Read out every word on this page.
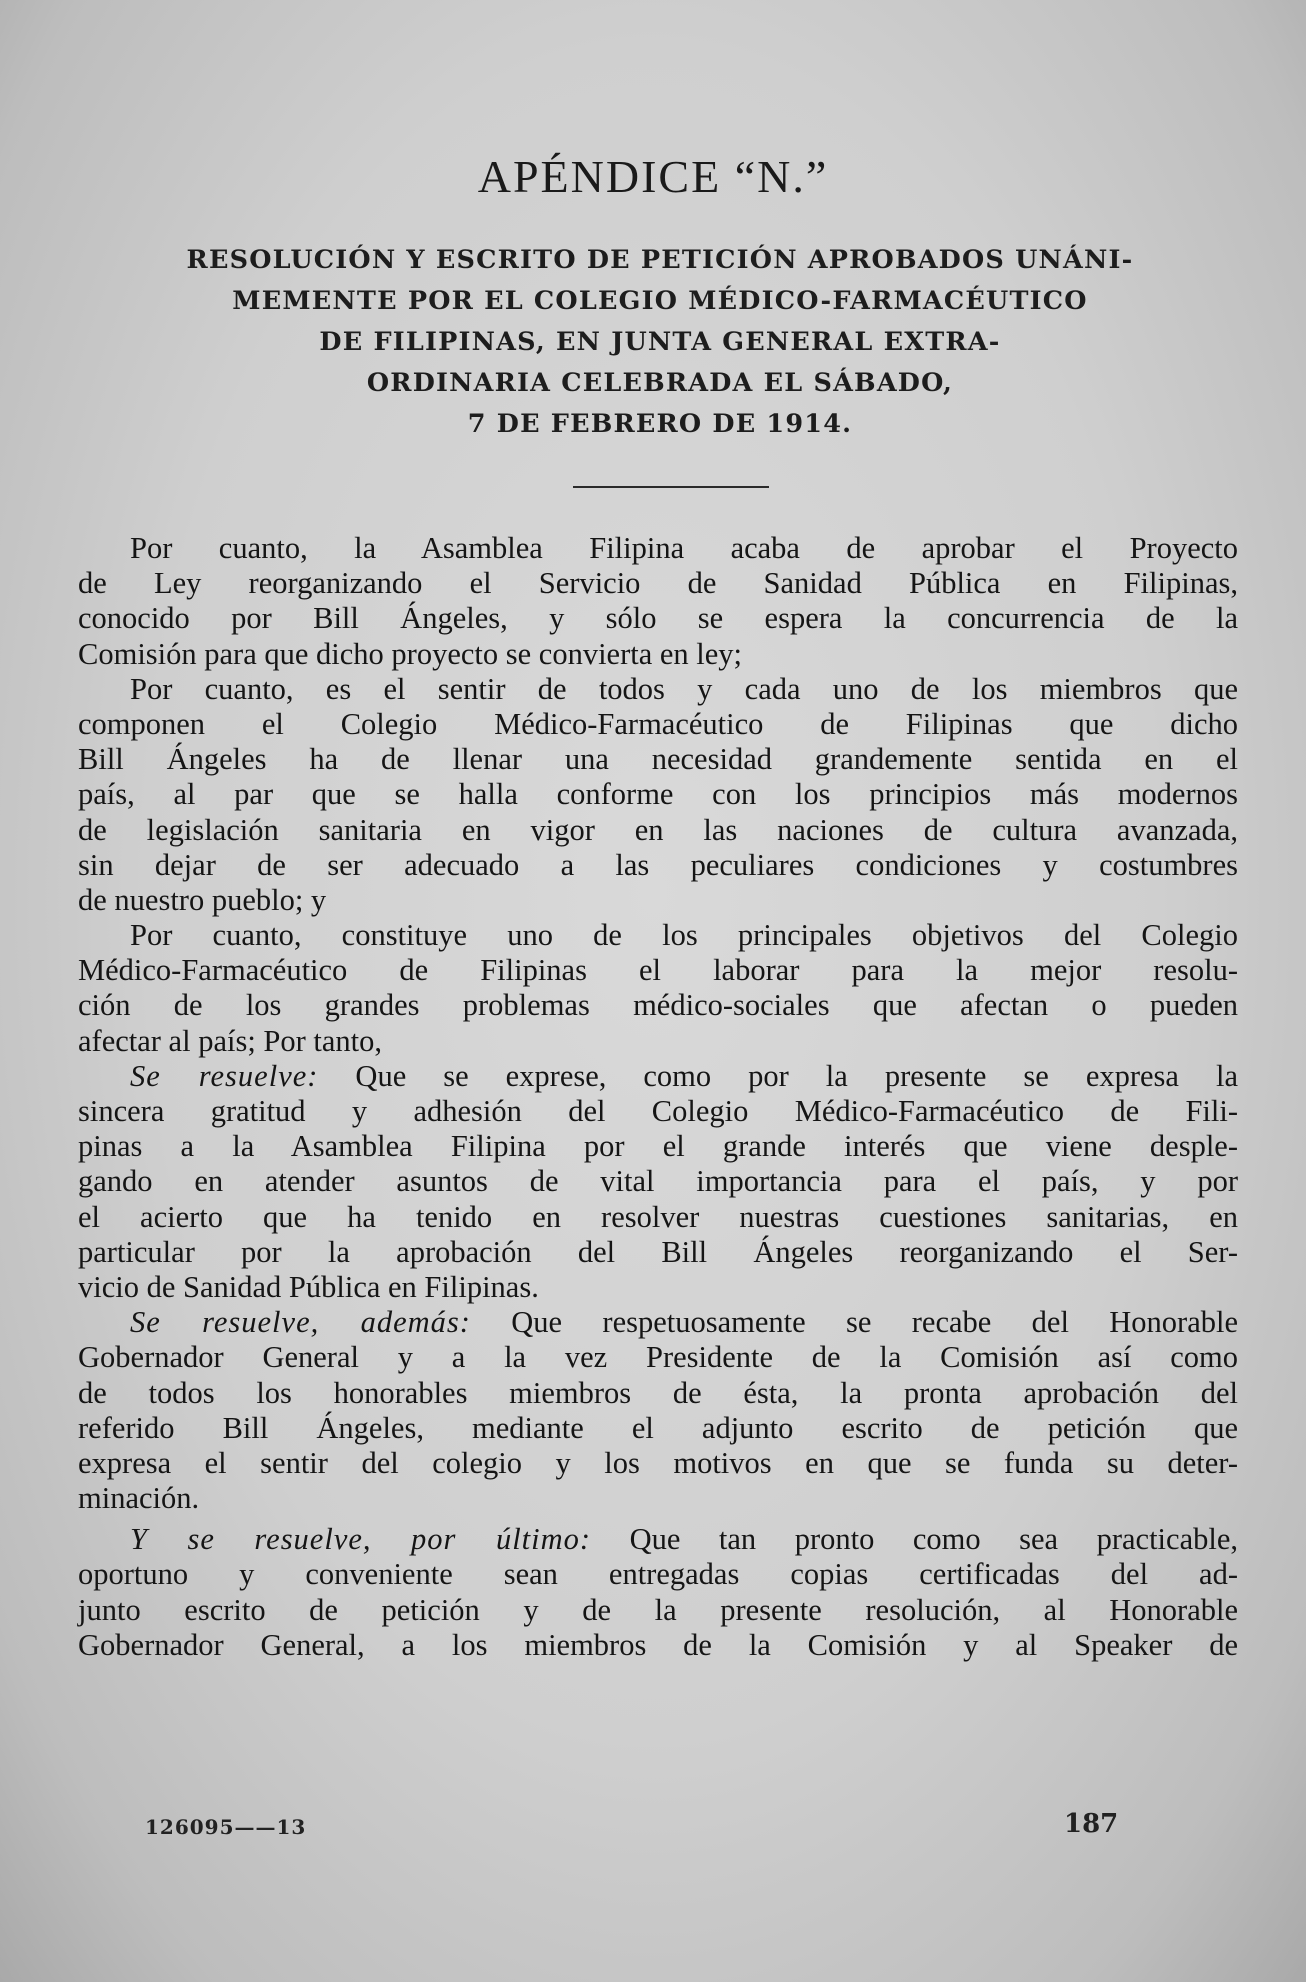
APÉNDICE “N.”
RESOLUCIÓN Y ESCRITO DE PETICIÓN APROBADOS UNÁNI-
MEMENTE POR EL COLEGIO MÉDICO-FARMACÉUTICO
DE FILIPINAS, EN JUNTA GENERAL EXTRA-
ORDINARIA CELEBRADA EL SÁBADO,
7 DE FEBRERO DE 1914.
Por cuanto, la Asamblea Filipina acaba de aprobar el Proyecto
de Ley reorganizando el Servicio de Sanidad Pública en Filipinas,
conocido por Bill Ángeles, y sólo se espera la concurrencia de la
Comisión para que dicho proyecto se convierta en ley;
Por cuanto, es el sentir de todos y cada uno de los miembros que
componen el Colegio Médico-Farmacéutico de Filipinas que dicho
Bill Ángeles ha de llenar una necesidad grandemente sentida en el
país, al par que se halla conforme con los principios más modernos
de legislación sanitaria en vigor en las naciones de cultura avanzada,
sin dejar de ser adecuado a las peculiares condiciones y costumbres
de nuestro pueblo; y
Por cuanto, constituye uno de los principales objetivos del Colegio
Médico-Farmacéutico de Filipinas el laborar para la mejor resolu-
ción de los grandes problemas médico-sociales que afectan o pueden
afectar al país; Por tanto,
Se resuelve: Que se exprese, como por la presente se expresa la
sincera gratitud y adhesión del Colegio Médico-Farmacéutico de Fili-
pinas a la Asamblea Filipina por el grande interés que viene desple-
gando en atender asuntos de vital importancia para el país, y por
el acierto que ha tenido en resolver nuestras cuestiones sanitarias, en
particular por la aprobación del Bill Ángeles reorganizando el Ser-
vicio de Sanidad Pública en Filipinas.
Se resuelve, además: Que respetuosamente se recabe del Honorable
Gobernador General y a la vez Presidente de la Comisión así como
de todos los honorables miembros de ésta, la pronta aprobación del
referido Bill Ángeles, mediante el adjunto escrito de petición que
expresa el sentir del colegio y los motivos en que se funda su deter-
minación.
Y se resuelve, por último: Que tan pronto como sea practicable,
oportuno y conveniente sean entregadas copias certificadas del ad-
junto escrito de petición y de la presente resolución, al Honorable
Gobernador General, a los miembros de la Comisión y al Speaker de
126095——13	187
